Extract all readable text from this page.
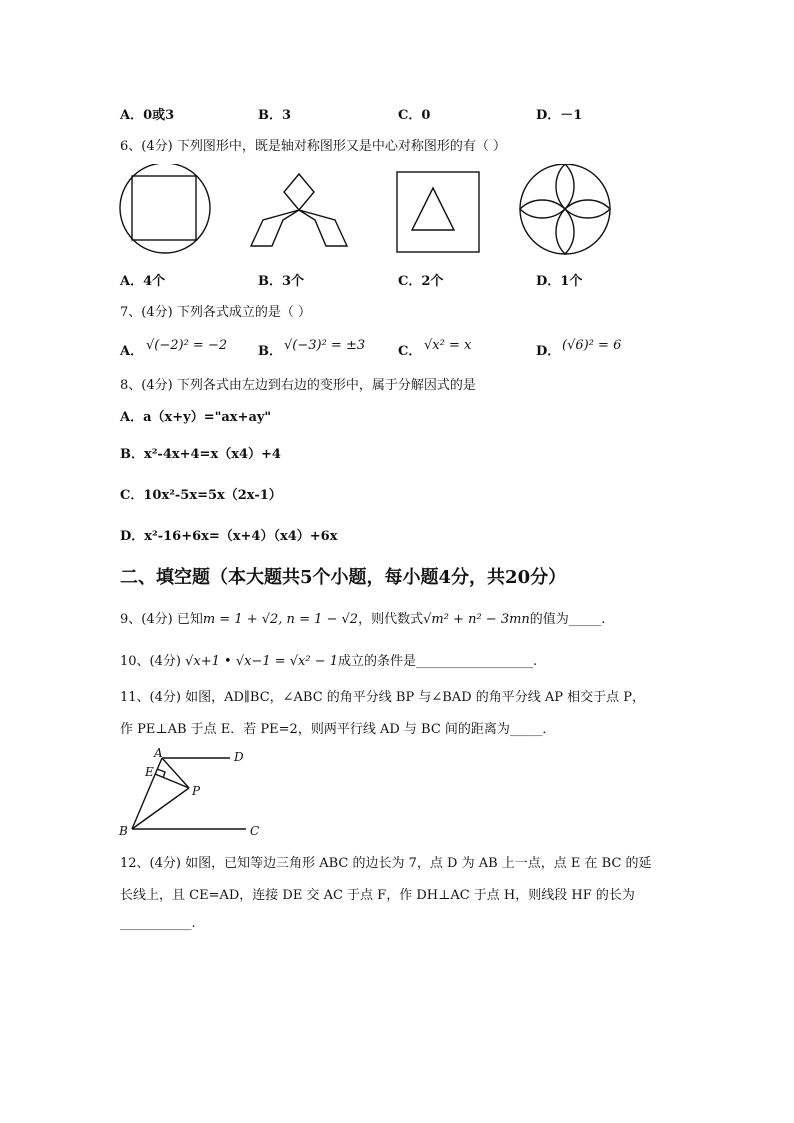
A．0或3	B．3	C．0	D．－1
6、(4分) 下列图形中，既是轴对称图形又是中心对称图形的有（ ）
A．4个	B．3个	C．2个	D．1个
7、(4分) 下列各式成立的是（ ）
A． √(−2)² = −2 B． √(−3)² = ±3	C． √x² = x	D． (√6)² = 6
8、(4分) 下列各式由左边到右边的变形中，属于分解因式的是
A．a（x+y）="ax+ay"
B．x²-4x+4=x（x4）+4
C．10x²-5x=5x（2x-1）
D．x²-16+6x=（x+4）（x4）+6x
二、填空题（本大题共5个小题，每小题4分，共20分）
9、(4分) 已知m = 1 + √2, n = 1 − √2，则代数式√m² + n² − 3mn的值为_____.
10、(4分) √x+1 • √x−1 = √x² − 1成立的条件是__________________.
11、(4分) 如图，AD∥BC，∠ABC 的角平分线 BP 与∠BAD 的角平分线 AP 相交于点 P，
作 PE⊥AB 于点 E．若 PE=2，则两平行线 AD 与 BC 间的距离为_____．
A	D
E
P
B	C
12、(4分) 如图，已知等边三角形 ABC 的边长为 7，点 D 为 AB 上一点，点 E 在 BC 的延
长线上，且 CE=AD，连接 DE 交 AC 于点 F，作 DH⊥AC 于点 H，则线段 HF 的长为
___________.
